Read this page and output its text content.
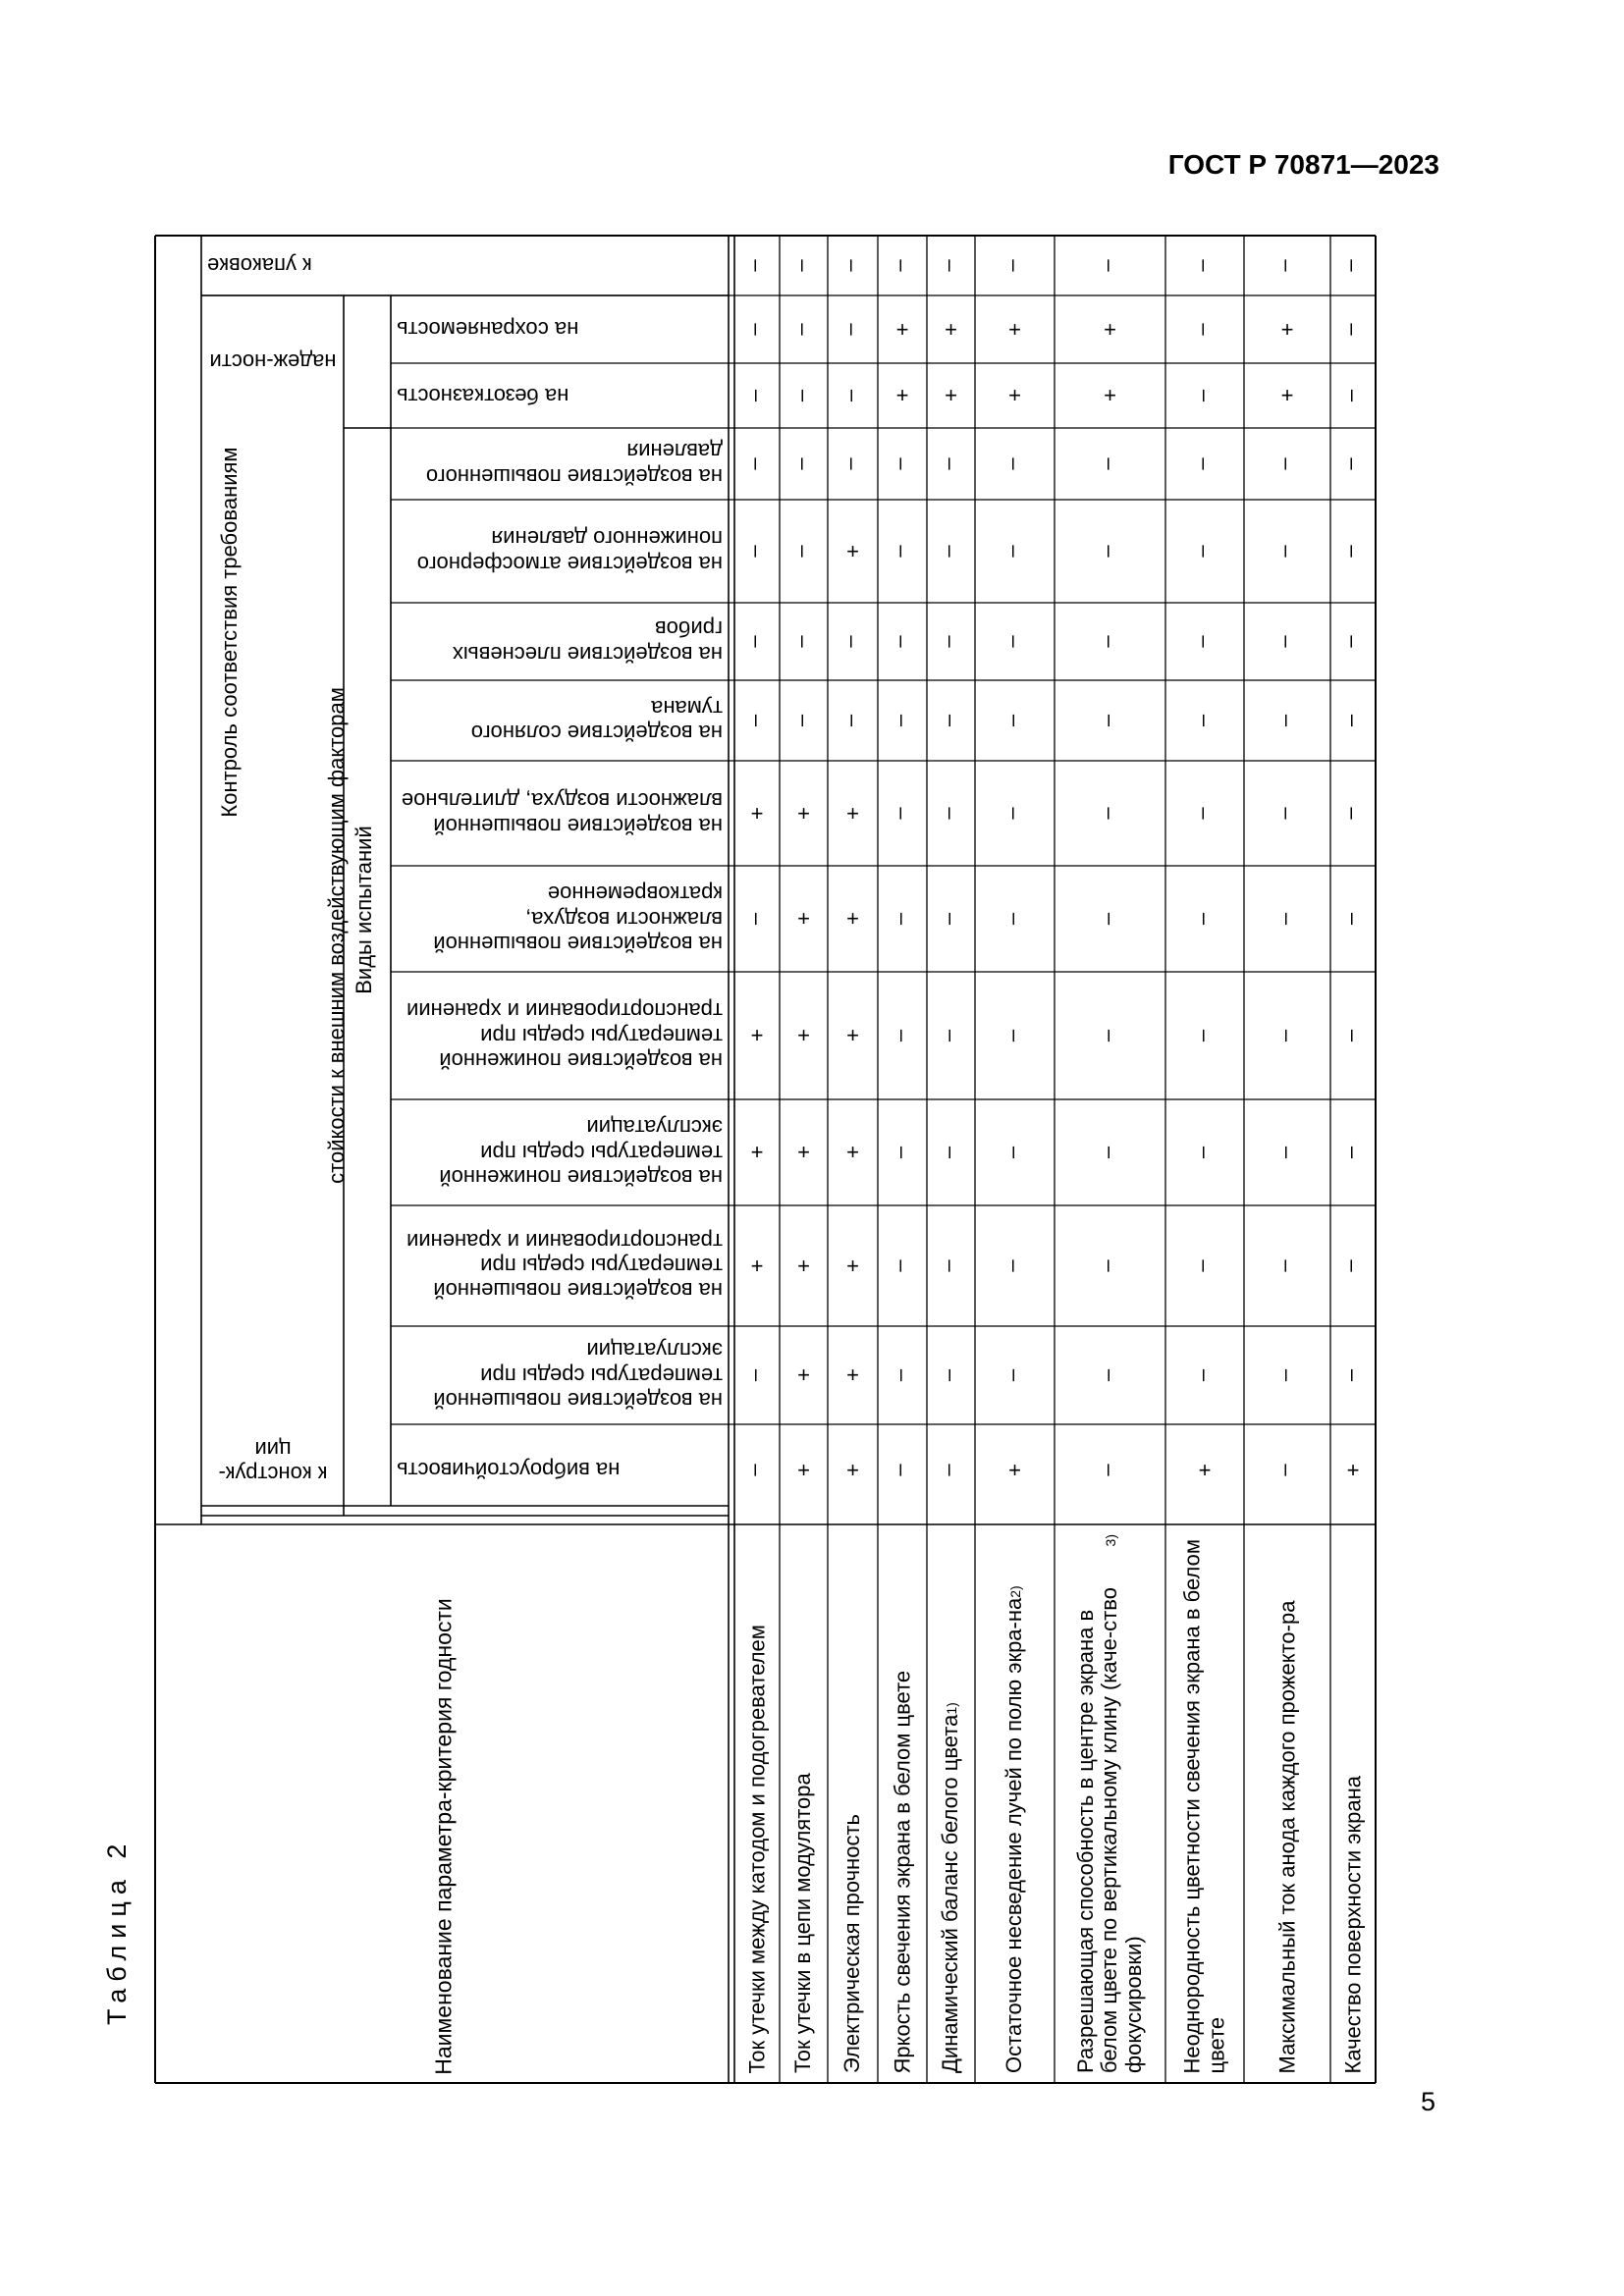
ГОСТ Р 70871—2023
Таблица 2
Контроль соответствия требованиям
к конструк-ции
стойкости к внешним воздействующим факторам Виды испытаний
надеж-ности
Наименование параметра-критерия годности
на виброустойчивость
на воздействие повышенной температуры среды при эксплуатации
на воздействие повышенной температуры среды при транспортировании и хранении
на воздействие пониженной температуры среды при эксплуатации
на воздействие пониженной температуры среды при транспортировании и хранении
на воздействие повышенной влажности воздуха, кратковременное
на воздействие повышенной влажности воздуха, длительное
на воздействие соляного тумана
на воздействие плесневых грибов
на воздействие атмосферного пониженного давления
на воздействие повышенного давления
на безотказность
на сохраняемость
к упаковке
Ток утечки между катодом и подогревателем Ток утечки в цепи модулятора Электрическая прочность Яркость свечения экрана в белом цвете Динамический баланс белого цвета
1) Остаточное несведение лучей по полю экра-на
2)
Разрешающая способность в центре экрана в белом цвете по вертикальному клину (каче-ство фокусировки)
3)	Неоднородность цветности свечения экрана в белом цвете Максимальный ток анода каждого прожекто-ра Качество поверхности экрана
–
–
+
+
+
–
+
–
–
–
–
–
–
–
+
+
+
+
+
+
+
–
–
–
–
–
–
–
+
+
+
+
+
+
+
–
–
+
–
–
–
–
–
–
–
–
–
–
–
–
–
–
–
+
+
–
–
–
–
–
–
–
–
–
–
–
–
+
+
–
+
–
–
–
–
–
–
–
–
–
–
+
+
–
–
–
–
–
–
–
–
–
–
–
–
+
+
–
+
–
–
–
–
–
–
–
–
–
–
–
–
–
–
–
–
–
–
–
–
–
–
–
–
+
+
–
+
–
–
–
–
–
–
–
–
–
–
–
–
–
5
